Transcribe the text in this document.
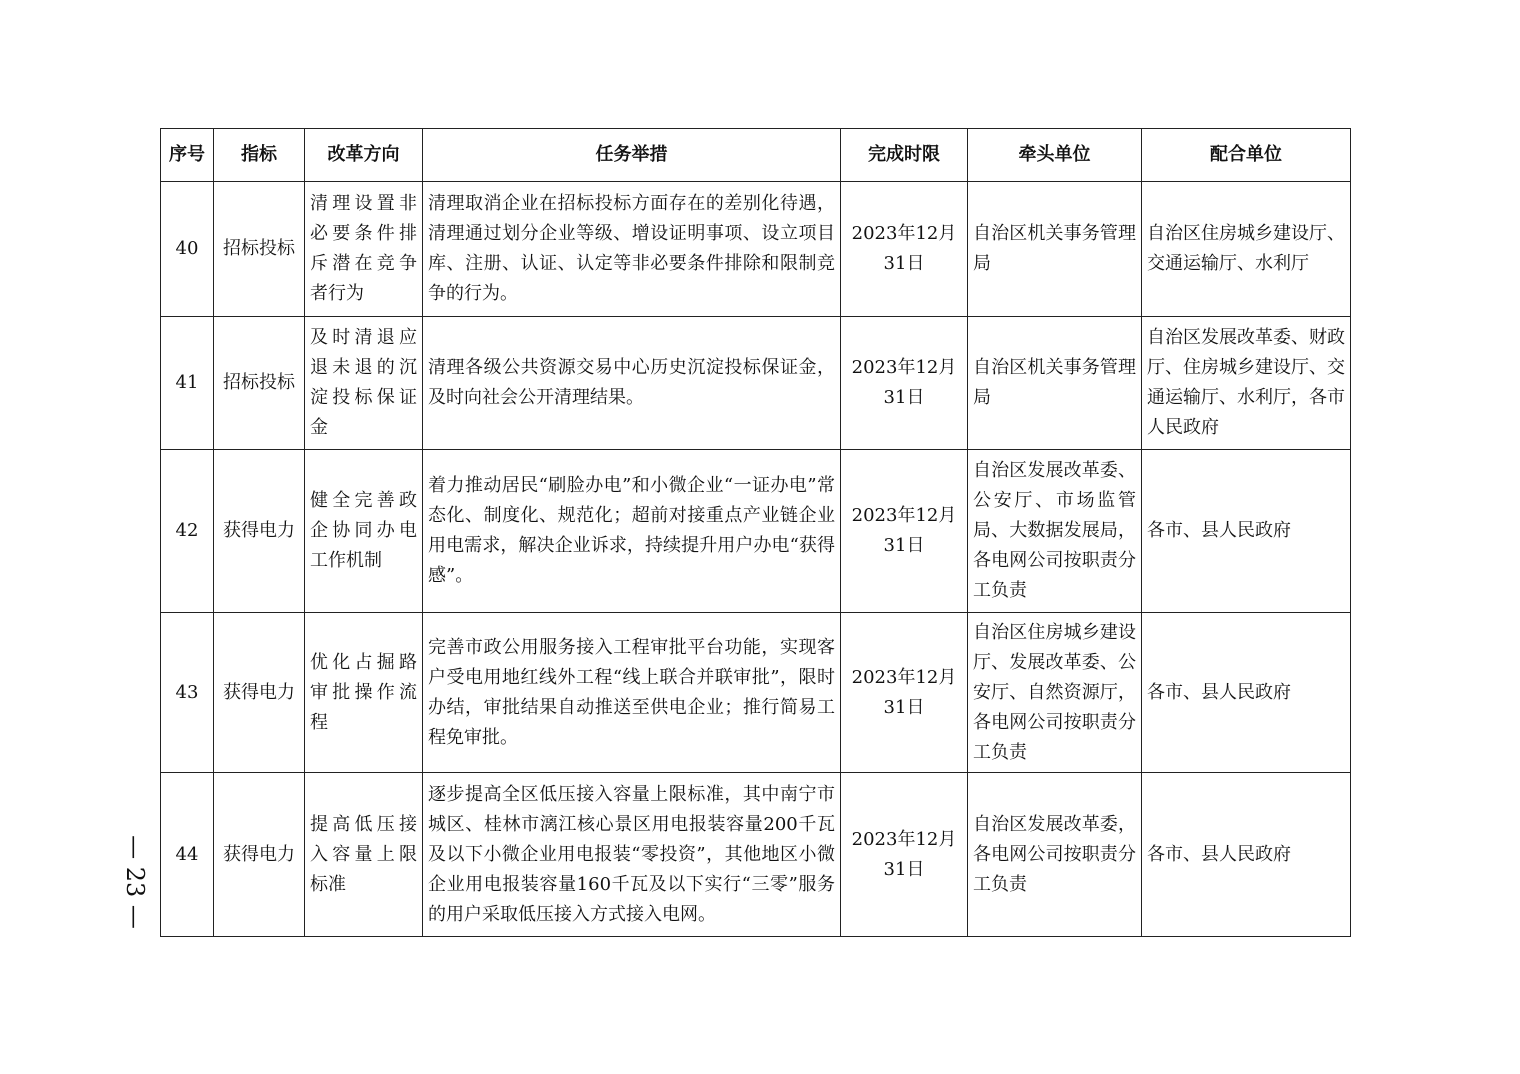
序号	指标	改革方向	任务举措	完成时限	牵头单位	配合单位
40	招标投标	清理设置非必要条件排斥潜在竞争者行为	清理取消企业在招标投标方面存在的差别化待遇，清理通过划分企业等级、增设证明事项、设立项目库、注册、认证、认定等非必要条件排除和限制竞争的行为。	2023年12月31日	自治区机关事务管理局	自治区住房城乡建设厅、交通运输厅、水利厅
41	招标投标	及时清退应退未退的沉淀投标保证金	清理各级公共资源交易中心历史沉淀投标保证金，及时向社会公开清理结果。	2023年12月31日	自治区机关事务管理局	自治区发展改革委、财政厅、住房城乡建设厅、交通运输厅、水利厅，各市人民政府
42	获得电力	健全完善政企协同办电工作机制	着力推动居民“刷脸办电”和小微企业“一证办电”常态化、制度化、规范化；超前对接重点产业链企业用电需求，解决企业诉求，持续提升用户办电“获得感”。	2023年12月31日	自治区发展改革委、公安厅、市场监管局、大数据发展局，各电网公司按职责分工负责	各市、县人民政府
43	获得电力	优化占掘路审批操作流程	完善市政公用服务接入工程审批平台功能，实现客户受电用地红线外工程“线上联合并联审批”，限时办结，审批结果自动推送至供电企业；推行简易工程免审批。	2023年12月31日	自治区住房城乡建设厅、发展改革委、公安厅、自然资源厅，各电网公司按职责分工负责	各市、县人民政府
44	获得电力	提高低压接入容量上限标准	逐步提高全区低压接入容量上限标准，其中南宁市城区、桂林市漓江核心景区用电报装容量200千瓦及以下小微企业用电报装“零投资”，其他地区小微企业用电报装容量160千瓦及以下实行“三零”服务的用户采取低压接入方式接入电网。	2023年12月31日	自治区发展改革委，各电网公司按职责分工负责	各市、县人民政府
— 23 —
